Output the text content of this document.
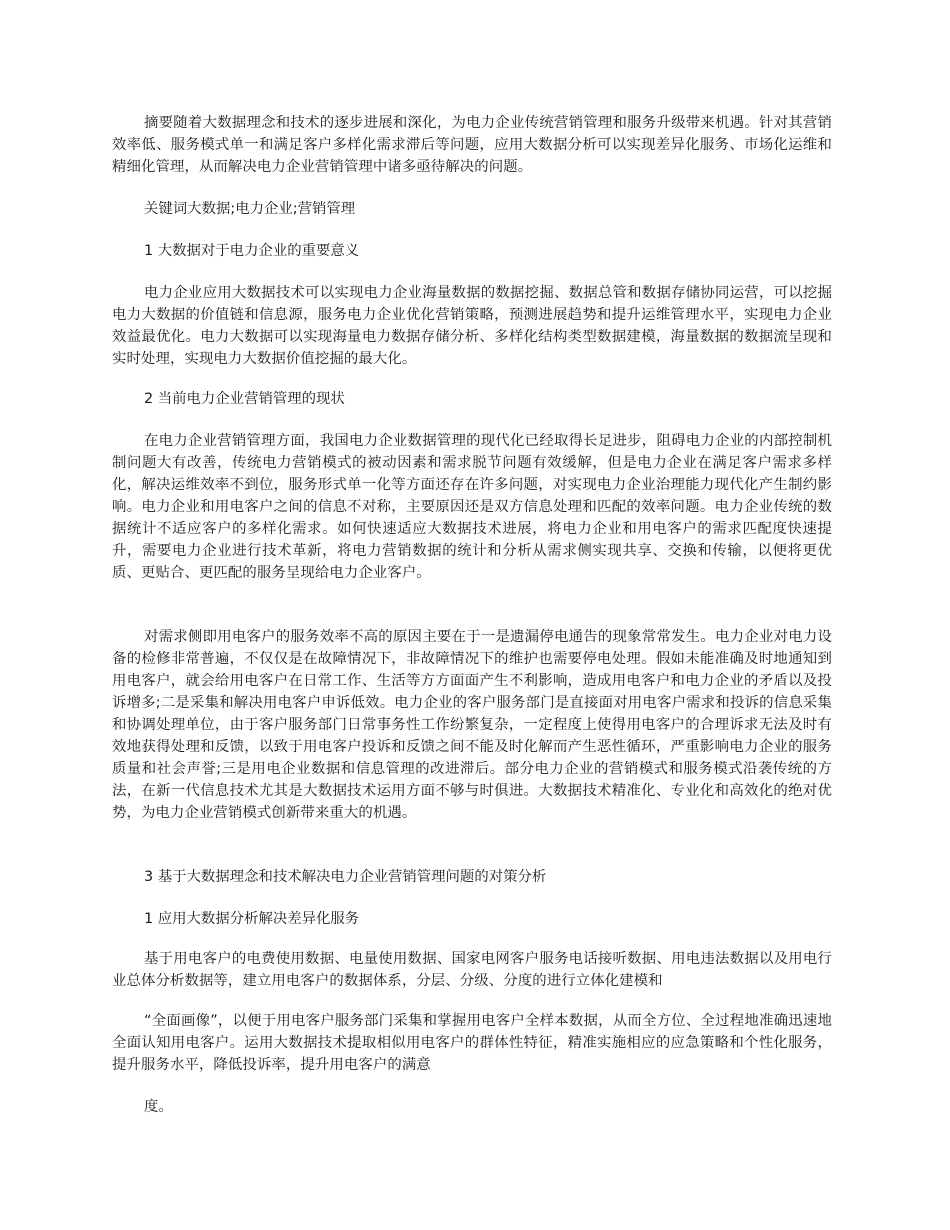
摘要随着大数据理念和技术的逐步进展和深化，为电力企业传统营销管理和服务升级带来机遇。针对其营销效率低、服务模式单一和满足客户多样化需求滞后等问题，应用大数据分析可以实现差异化服务、市场化运维和精细化管理，从而解决电力企业营销管理中诸多亟待解决的问题。

关键词大数据;电力企业;营销管理

1 大数据对于电力企业的重要意义

电力企业应用大数据技术可以实现电力企业海量数据的数据挖掘、数据总管和数据存储协同运营，可以挖掘电力大数据的价值链和信息源，服务电力企业优化营销策略，预测进展趋势和提升运维管理水平，实现电力企业效益最优化。电力大数据可以实现海量电力数据存储分析、多样化结构类型数据建模，海量数据的数据流呈现和实时处理，实现电力大数据价值挖掘的最大化。

2 当前电力企业营销管理的现状

在电力企业营销管理方面，我国电力企业数据管理的现代化已经取得长足进步，阻碍电力企业的内部控制机制问题大有改善，传统电力营销模式的被动因素和需求脱节问题有效缓解，但是电力企业在满足客户需求多样化，解决运维效率不到位，服务形式单一化等方面还存在许多问题，对实现电力企业治理能力现代化产生制约影响。电力企业和用电客户之间的信息不对称，主要原因还是双方信息处理和匹配的效率问题。电力企业传统的数据统计不适应客户的多样化需求。如何快速适应大数据技术进展，将电力企业和用电客户的需求匹配度快速提升，需要电力企业进行技术革新，将电力营销数据的统计和分析从需求侧实现共享、交换和传输，以便将更优质、更贴合、更匹配的服务呈现给电力企业客户。

对需求侧即用电客户的服务效率不高的原因主要在于一是遗漏停电通告的现象常常发生。电力企业对电力设备的检修非常普遍，不仅仅是在故障情况下，非故障情况下的维护也需要停电处理。假如未能准确及时地通知到用电客户，就会给用电客户在日常工作、生活等方方面面产生不利影响，造成用电客户和电力企业的矛盾以及投诉增多;二是采集和解决用电客户申诉低效。电力企业的客户服务部门是直接面对用电客户需求和投诉的信息采集和协调处理单位，由于客户服务部门日常事务性工作纷繁复杂，一定程度上使得用电客户的合理诉求无法及时有效地获得处理和反馈，以致于用电客户投诉和反馈之间不能及时化解而产生恶性循环，严重影响电力企业的服务质量和社会声誉;三是用电企业数据和信息管理的改进滞后。部分电力企业的营销模式和服务模式沿袭传统的方法，在新一代信息技术尤其是大数据技术运用方面不够与时俱进。大数据技术精准化、专业化和高效化的绝对优势，为电力企业营销模式创新带来重大的机遇。

3 基于大数据理念和技术解决电力企业营销管理问题的对策分析

1 应用大数据分析解决差异化服务

基于用电客户的电费使用数据、电量使用数据、国家电网客户服务电话接听数据、用电违法数据以及用电行业总体分析数据等，建立用电客户的数据体系，分层、分级、分度的进行立体化建模和

“全面画像”，以便于用电客户服务部门采集和掌握用电客户全样本数据，从而全方位、全过程地准确迅速地全面认知用电客户。运用大数据技术提取相似用电客户的群体性特征，精准实施相应的应急策略和个性化服务，提升服务水平，降低投诉率，提升用电客户的满意

度。
